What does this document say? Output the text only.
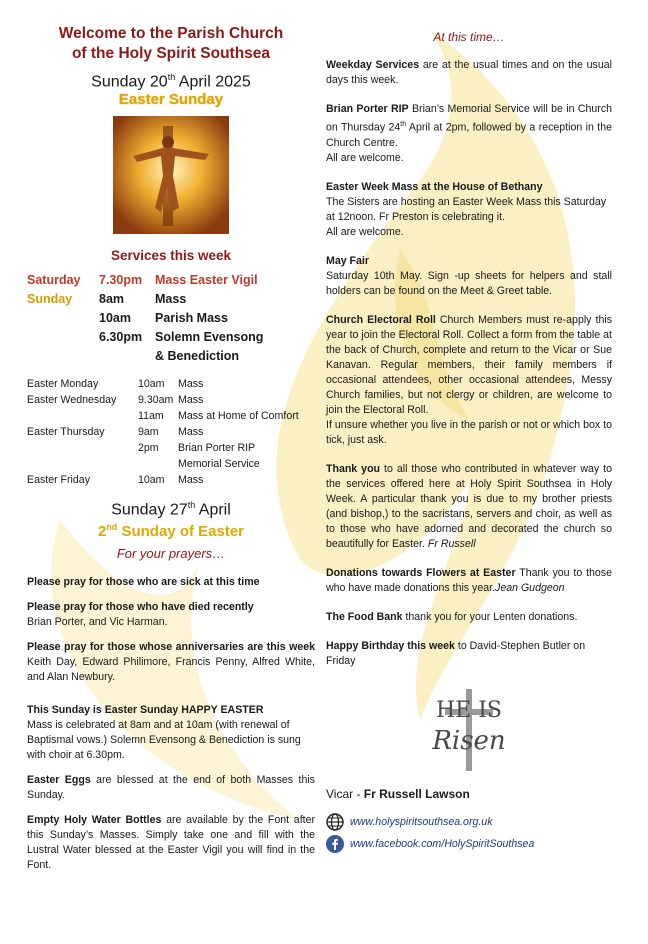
Welcome to the Parish Church
of the Holy Spirit Southsea
Sunday 20th April 2025
Easter Sunday
Services this week
Saturday	7.30pm	Mass Easter Vigil
Sunday	8am	Mass
	10am	Parish Mass
	6.30pm	Solemn Evensong
		& Benediction
Easter Monday	10am	Mass
Easter Wednesday	9.30am	Mass
	11am	Mass at Home of Comfort
Easter Thursday	9am	Mass
	2pm	Brian Porter RIP
		Memorial Service
Easter Friday	10am	Mass
Sunday 27th April
2nd Sunday of Easter
For your prayers…

Please pray for those who are sick at this time

Please pray for those who have died recently
Brian Porter, and Vic Harman.

Please pray for those whose anniversaries are this week Keith Day, Edward Philimore, Francis Penny, Alfred White, and Alan Newbury.

This Sunday is Easter Sunday HAPPY EASTER
Mass is celebrated at 8am and at 10am (with renewal of Baptismal vows.) Solemn Evensong & Benediction is sung with choir at 6.30pm.

Easter Eggs are blessed at the end of both Masses this Sunday.

Empty Holy Water Bottles are available by the Font after this Sunday’s Masses. Simply take one and fill with the Lustral Water blessed at the Easter Vigil you will find in the Font.

At this time…

Weekday Services are at the usual times and on the usual days this week.

Brian Porter RIP Brian’s Memorial Service will be in Church on Thursday 24th April at 2pm, followed by a reception in the Church Centre.
All are welcome.

Easter Week Mass at the House of Bethany
The Sisters are hosting an Easter Week Mass this Saturday at 12noon. Fr Preston is celebrating it.
All are welcome.

May Fair
Saturday 10th May. Sign -up sheets for helpers and stall holders can be found on the Meet & Greet table.

Church Electoral Roll Church Members must re-apply this year to join the Electoral Roll. Collect a form from the table at the back of Church, complete and return to the Vicar or Sue Kanavan. Regular members, their family members if occasional attendees, other occasional attendees, Messy Church families, but not clergy or children, are welcome to join the Electoral Roll.
If unsure whether you live in the parish or not or which box to tick, just ask.

Thank you to all those who contributed in whatever way to the services offered here at Holy Spirit Southsea in Holy Week. A particular thank you is due to my brother priests (and bishop,) to the sacristans, servers and choir, as well as to those who have adorned and decorated the church so beautifully for Easter. Fr Russell

Donations towards Flowers at Easter Thank you to those who have made donations this year.Jean Gudgeon

The Food Bank thank you for your Lenten donations.

Happy Birthday this week to David-Stephen Butler on Friday

HE IS
Risen
Vicar - Fr Russell Lawson
www.holyspiritsouthsea.org.uk
www.facebook.com/HolySpiritSouthsea
